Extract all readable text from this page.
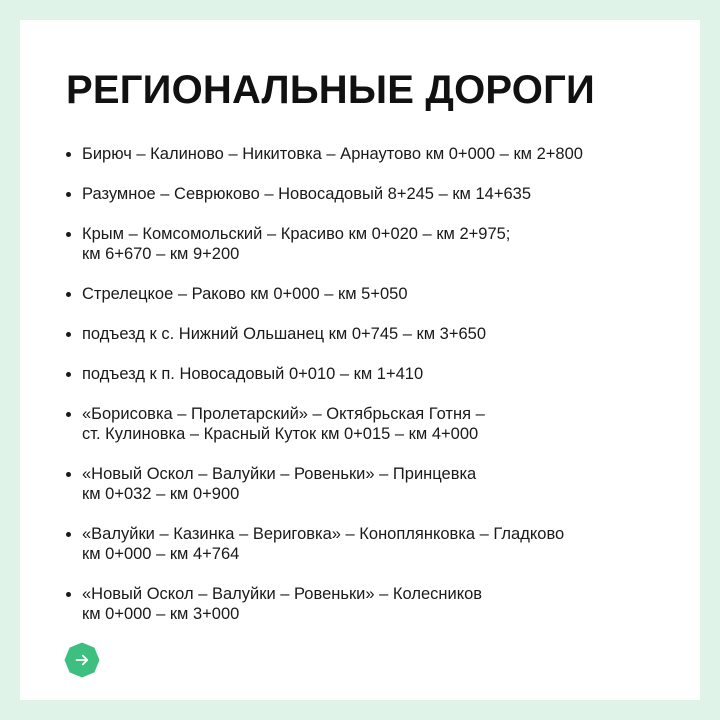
РЕГИОНАЛЬНЫЕ ДОРОГИ
Бирюч – Калиново – Никитовка – Арнаутово км 0+000 – км 2+800
Разумное – Севрюково – Новосадовый 8+245 – км 14+635
Крым – Комсомольский – Красиво км 0+020 – км 2+975;
км 6+670 – км 9+200
Стрелецкое – Раково км 0+000 – км 5+050
подъезд к с. Нижний Ольшанец км 0+745 – км 3+650
подъезд к п. Новосадовый 0+010 – км 1+410
«Борисовка – Пролетарский» – Октябрьская Готня –
ст. Кулиновка – Красный Куток км 0+015 – км 4+000
«Новый Оскол – Валуйки – Ровеньки» – Принцевка
км 0+032 – км 0+900
«Валуйки – Казинка – Вериговка» – Коноплянковка – Гладково
км 0+000 – км 4+764
«Новый Оскол – Валуйки – Ровеньки» – Колесников
км 0+000 – км 3+000
